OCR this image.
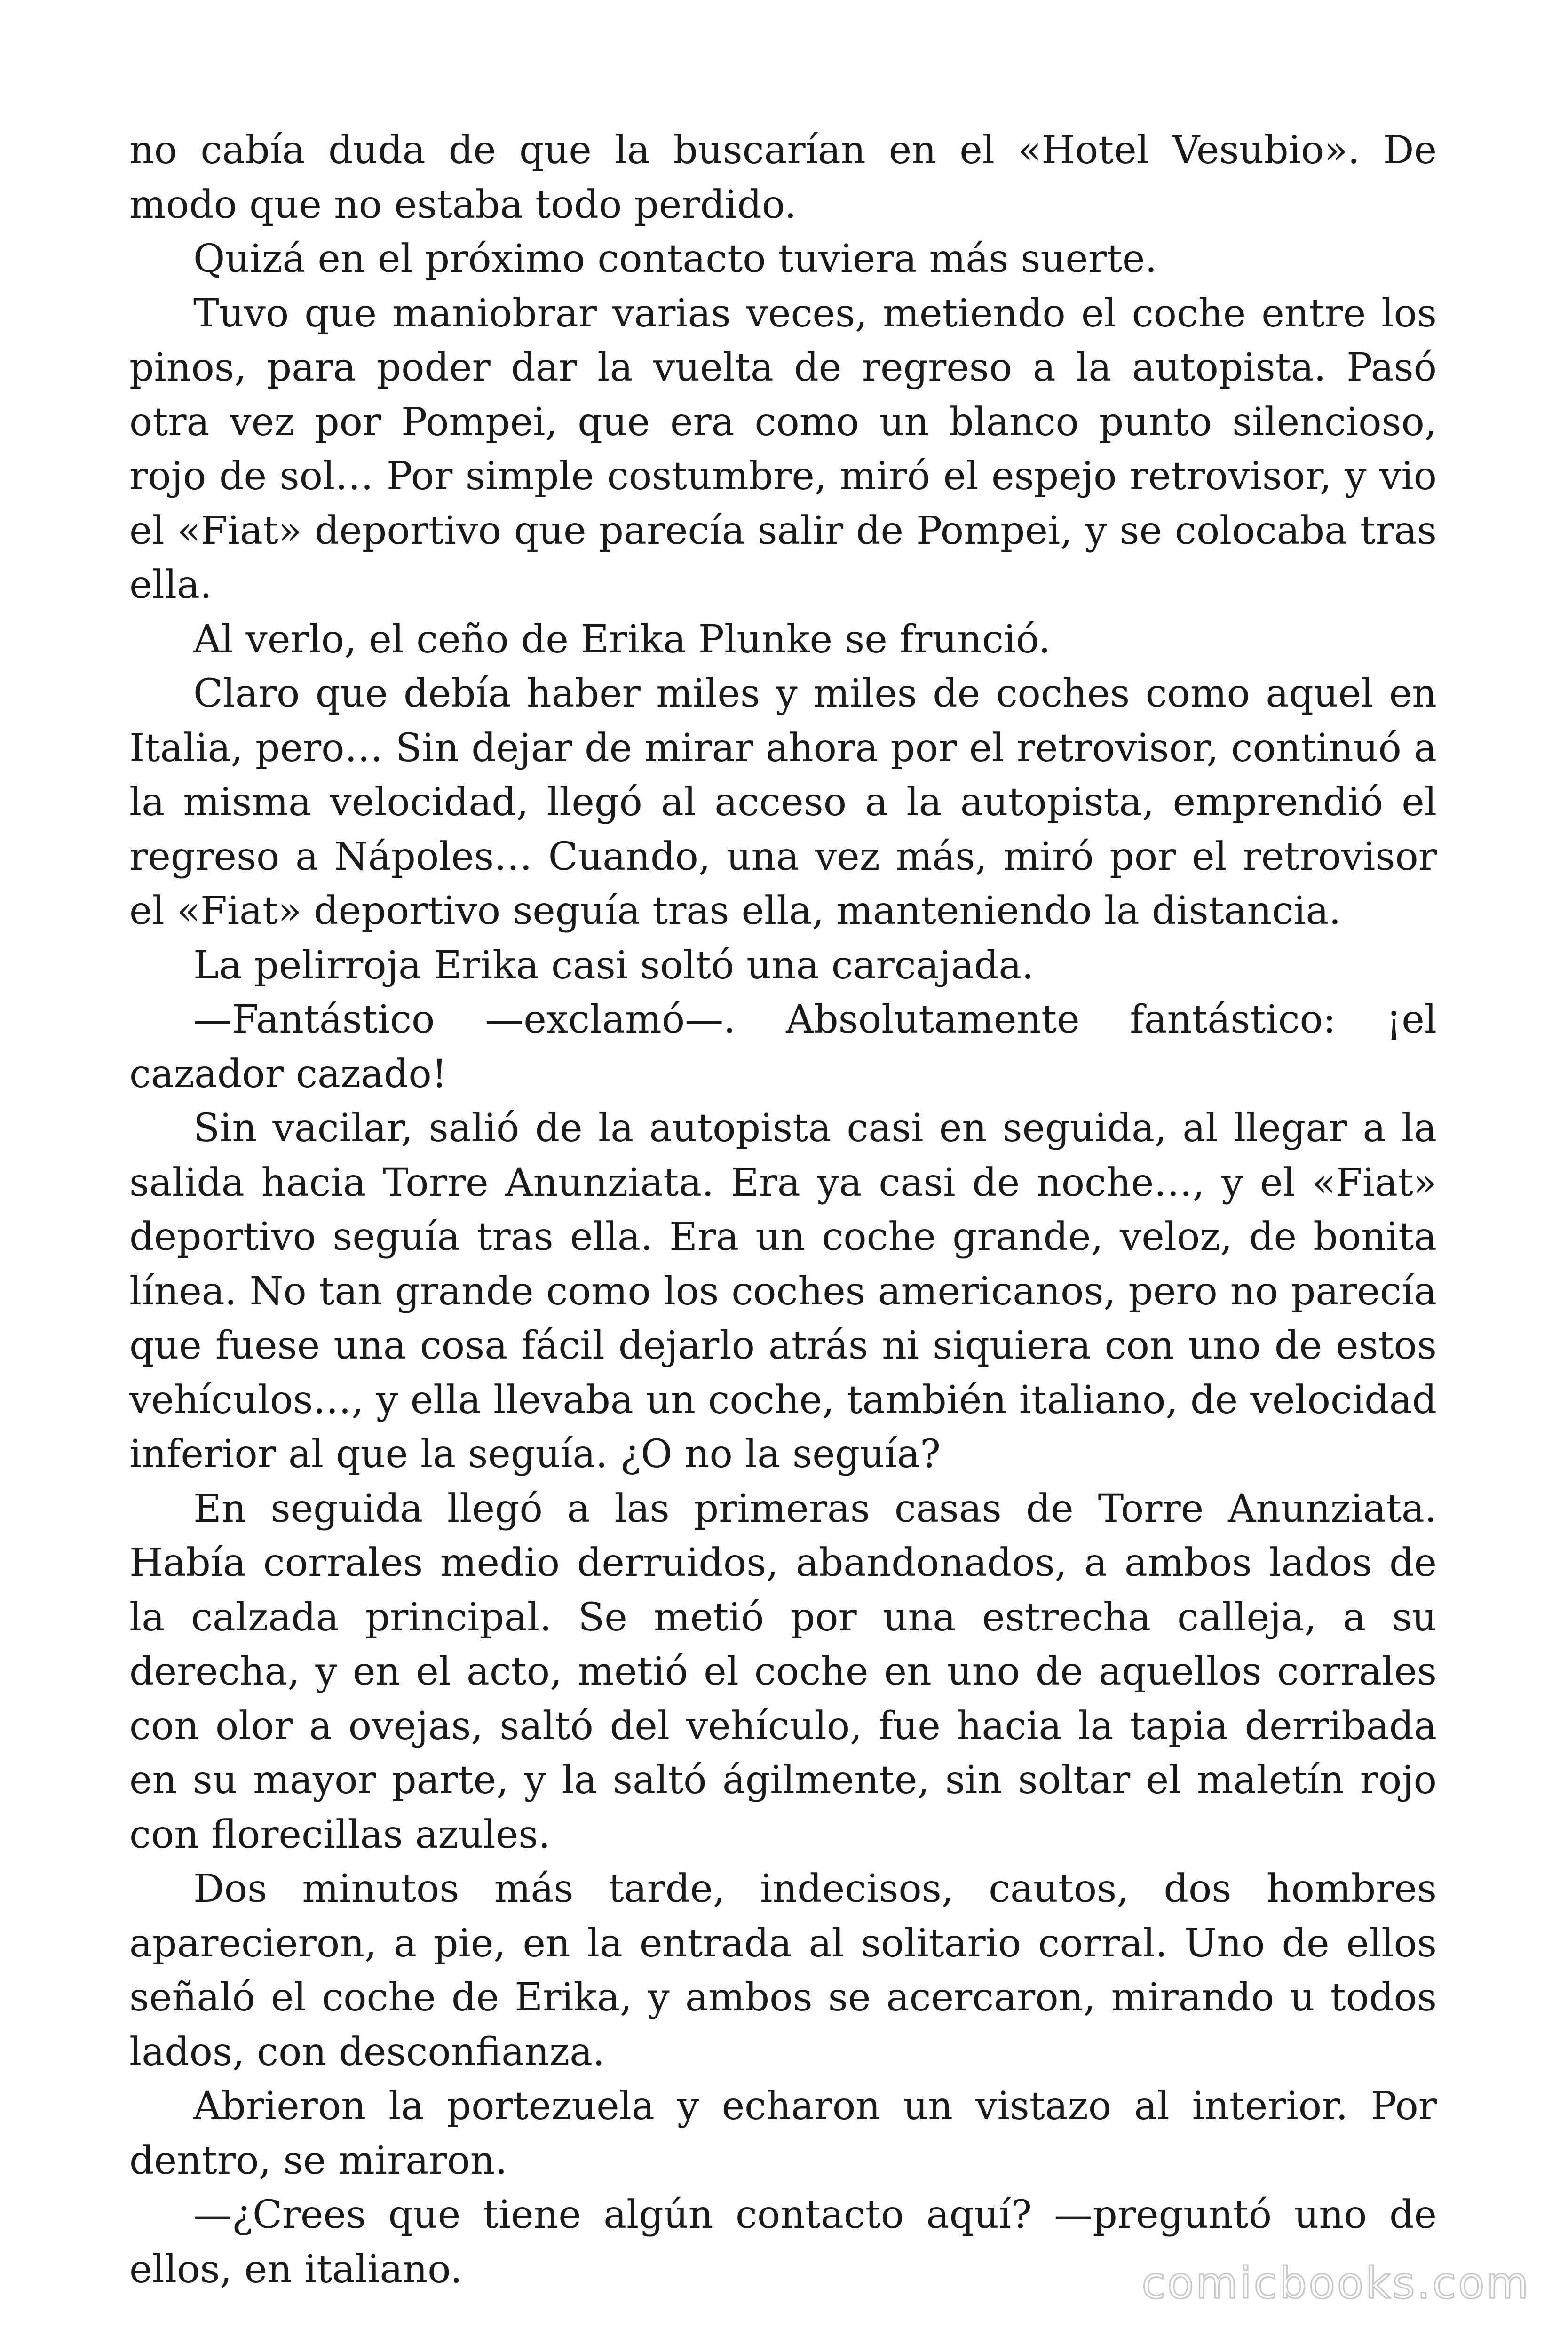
no cabía duda de que la buscarían en el «Hotel Vesubio». De modo que no estaba todo perdido.

Quizá en el próximo contacto tuviera más suerte.

Tuvo que maniobrar varias veces, metiendo el coche entre los pinos, para poder dar la vuelta de regreso a la autopista. Pasó otra vez por Pompei, que era como un blanco punto silencioso, rojo de sol… Por simple costumbre, miró el espejo retrovisor, y vio el «Fiat» deportivo que parecía salir de Pompei, y se colocaba tras ella.

Al verlo, el ceño de Erika Plunke se frunció.

Claro que debía haber miles y miles de coches como aquel en Italia, pero… Sin dejar de mirar ahora por el retrovisor, continuó a la misma velocidad, llegó al acceso a la autopista, emprendió el regreso a Nápoles… Cuando, una vez más, miró por el retrovisor el «Fiat» deportivo seguía tras ella, manteniendo la distancia.

La pelirroja Erika casi soltó una carcajada.

—Fantástico —exclamó—. Absolutamente fantástico: ¡el cazador cazado!

Sin vacilar, salió de la autopista casi en seguida, al llegar a la salida hacia Torre Anunziata. Era ya casi de noche…, y el «Fiat» deportivo seguía tras ella. Era un coche grande, veloz, de bonita línea. No tan grande como los coches americanos, pero no parecía que fuese una cosa fácil dejarlo atrás ni siquiera con uno de estos vehículos…, y ella llevaba un coche, también italiano, de velocidad inferior al que la seguía. ¿O no la seguía?

En seguida llegó a las primeras casas de Torre Anunziata. Había corrales medio derruidos, abandonados, a ambos lados de la calzada principal. Se metió por una estrecha calleja, a su derecha, y en el acto, metió el coche en uno de aquellos corrales con olor a ovejas, saltó del vehículo, fue hacia la tapia derribada en su mayor parte, y la saltó ágilmente, sin soltar el maletín rojo con florecillas azules.

Dos minutos más tarde, indecisos, cautos, dos hombres aparecieron, a pie, en la entrada al solitario corral. Uno de ellos señaló el coche de Erika, y ambos se acercaron, mirando u todos lados, con desconfianza.

Abrieron la portezuela y echaron un vistazo al interior. Por dentro, se miraron.

—¿Crees que tiene algún contacto aquí? —preguntó uno de ellos, en italiano.	comicbooks.com
